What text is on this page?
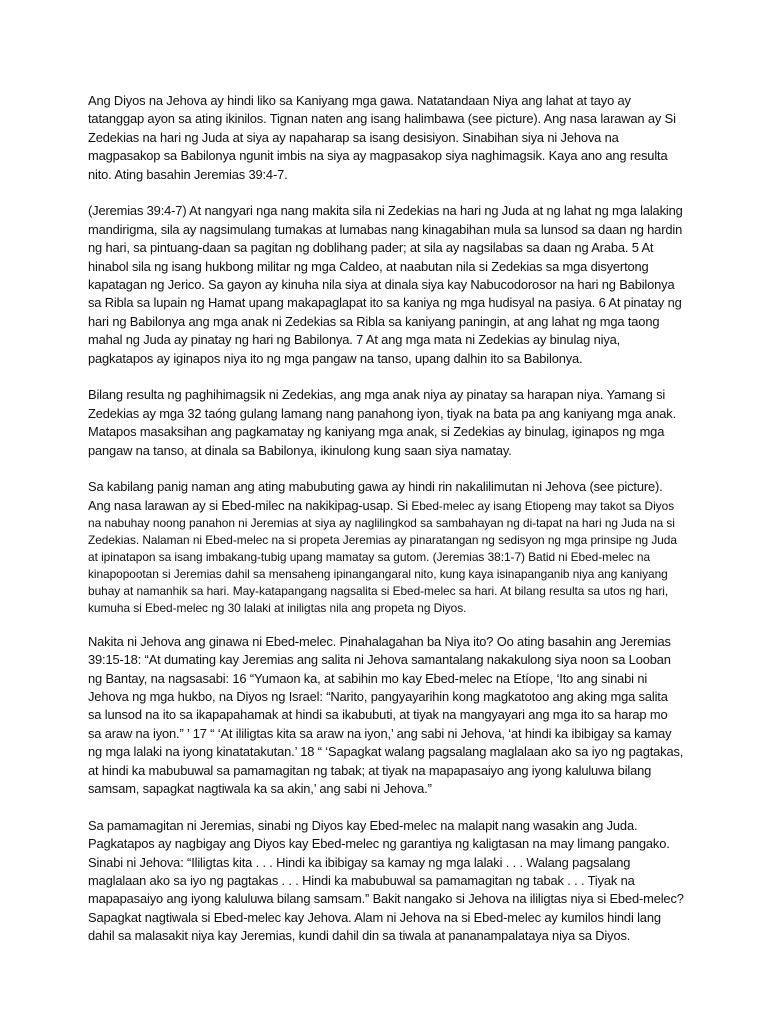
Ang Diyos na Jehova ay hindi liko sa Kaniyang mga gawa. Natatandaan Niya ang lahat at tayo ay tatanggap ayon sa ating ikinilos. Tignan naten ang isang halimbawa (see picture). Ang nasa larawan ay Si Zedekias na hari ng Juda at siya ay napaharap sa isang desisiyon. Sinabihan siya ni Jehova na magpasakop sa Babilonya ngunit imbis na siya ay magpasakop siya naghimagsik. Kaya ano ang resulta nito. Ating basahin Jeremias 39:4-7.

(Jeremias 39:4-7) At nangyari nga nang makita sila ni Zedekias na hari ng Juda at ng lahat ng mga lalaking mandirigma, sila ay nagsimulang tumakas at lumabas nang kinagabihan mula sa lunsod sa daan ng hardin ng hari, sa pintuang-daan sa pagitan ng doblihang pader; at sila ay nagsilabas sa daan ng Araba. 5 At hinabol sila ng isang hukbong militar ng mga Caldeo, at naabutan nila si Zedekias sa mga disyertong kapatagan ng Jerico. Sa gayon ay kinuha nila siya at dinala siya kay Nabucodorosor na hari ng Babilonya sa Ribla sa lupain ng Hamat upang makapaglapat ito sa kaniya ng mga hudisyal na pasiya. 6 At pinatay ng hari ng Babilonya ang mga anak ni Zedekias sa Ribla sa kaniyang paningin, at ang lahat ng mga taong mahal ng Juda ay pinatay ng hari ng Babilonya. 7 At ang mga mata ni Zedekias ay binulag niya, pagkatapos ay iginapos niya ito ng mga pangaw na tanso, upang dalhin ito sa Babilonya.

Bilang resulta ng paghihimagsik ni Zedekias, ang mga anak niya ay pinatay sa harapan niya. Yamang si Zedekias ay mga 32 taóng gulang lamang nang panahong iyon, tiyak na bata pa ang kaniyang mga anak. Matapos masaksihan ang pagkamatay ng kaniyang mga anak, si Zedekias ay binulag, iginapos ng mga pangaw na tanso, at dinala sa Babilonya, ikinulong kung saan siya namatay.

Sa kabilang panig naman ang ating mabubuting gawa ay hindi rin nakalilimutan ni Jehova (see picture). Ang nasa larawan ay si Ebed-milec na nakikipag-usap. Si Ebed-melec ay isang Etiopeng may takot sa Diyos na nabuhay noong panahon ni Jeremias at siya ay naglilingkod sa sambahayan ng di-tapat na hari ng Juda na si Zedekias. Nalaman ni Ebed-melec na si propeta Jeremias ay pinaratangan ng sedisyon ng mga prinsipe ng Juda at ipinatapon sa isang imbakang-tubig upang mamatay sa gutom. (Jeremias 38:1-7) Batid ni Ebed-melec na kinapopootan si Jeremias dahil sa mensaheng ipinangangaral nito, kung kaya isinapanganib niya ang kaniyang buhay at namanhik sa hari. May-katapangang nagsalita si Ebed-melec sa hari. At bilang resulta sa utos ng hari, kumuha si Ebed-melec ng 30 lalaki at iniligtas nila ang propeta ng Diyos.

Nakita ni Jehova ang ginawa ni Ebed-melec. Pinahalagahan ba Niya ito? Oo ating basahin ang Jeremias 39:15-18: “At dumating kay Jeremias ang salita ni Jehova samantalang nakakulong siya noon sa Looban ng Bantay, na nagsasabi: 16 “Yumaon ka, at sabihin mo kay Ebed-melec na Etíope, ‘Ito ang sinabi ni Jehova ng mga hukbo, na Diyos ng Israel: “Narito, pangyayarihin kong magkatotoo ang aking mga salita sa lunsod na ito sa ikapapahamak at hindi sa ikabubuti, at tiyak na mangyayari ang mga ito sa harap mo sa araw na iyon.” ’ 17 “ ‘At ililigtas kita sa araw na iyon,’ ang sabi ni Jehova, ‘at hindi ka ibibigay sa kamay ng mga lalaki na iyong kinatatakutan.’ 18 “ ‘Sapagkat walang pagsalang maglalaan ako sa iyo ng pagtakas, at hindi ka mabubuwal sa pamamagitan ng tabak; at tiyak na mapapasaiyo ang iyong kaluluwa bilang samsam, sapagkat nagtiwala ka sa akin,’ ang sabi ni Jehova.”

Sa pamamagitan ni Jeremias, sinabi ng Diyos kay Ebed-melec na malapit nang wasakin ang Juda. Pagkatapos ay nagbigay ang Diyos kay Ebed-melec ng garantiya ng kaligtasan na may limang pangako. Sinabi ni Jehova: “Ililigtas kita . . . Hindi ka ibibigay sa kamay ng mga lalaki . . . Walang pagsalang maglalaan ako sa iyo ng pagtakas . . . Hindi ka mabubuwal sa pamamagitan ng tabak . . . Tiyak na mapapasaiyo ang iyong kaluluwa bilang samsam.” Bakit nangako si Jehova na ililigtas niya si Ebed-melec? Sapagkat nagtiwala si Ebed-melec kay Jehova. Alam ni Jehova na si Ebed-melec ay kumilos hindi lang dahil sa malasakit niya kay Jeremias, kundi dahil din sa tiwala at pananampalataya niya sa Diyos.
